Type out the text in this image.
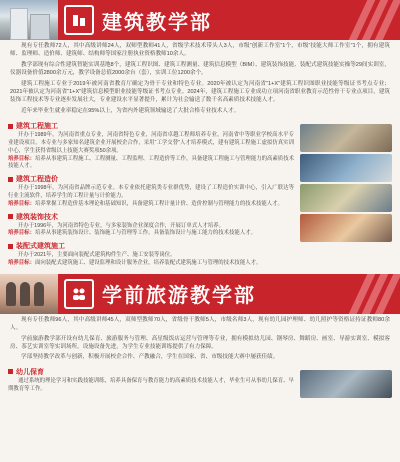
建筑教学部

现有专任教师72人，其中高级讲师24人，双师型教师41人，省级学术技术带头人3人，市级“创新工作室”1个，市级“技能大师工作室”1个，拥有建筑师、监理师、造价师、建筑师、结构师等国家注册执业资格教师10余人。

教学部现有综合性建筑智能实训基地8个，建筑工程识图、建筑工程测量、建筑信息模型（BIM）、建筑装饰技能、装配式建筑技能实操等29间实训室，仪器设备价值2800余万元，教学设备总值2000余台（套），实训工位1200余个。

建筑工程施工专业于2019年被河南省教育厅确定为骨干专业和特色专业。2020年被认定为河南省“1+X”建筑工程识图职业技能等级证书考点专业；2021年被认定为河南省“1+X”建筑信息模型职业技能等级证书考点专业。2024年，建筑工程施工专业成功立项河南省职业教育示范性骨干专业点项目，建筑装饰工程技术等专业逐步发展壮大，专业建设水平显著提升，累计为社会输送了数千名高素质技术技能人才。

近年来毕业生就业率稳定在95%以上，为省内外建筑领域输送了大批合格专业技术人才。

建筑工程施工
开办于1989年，为河南省重点专业，河南省特色专业，河南省卓越工程师培养专业，河南省中等职业学校高水平专业建设项目。本专业与多家知名建筑企业开展校企合作，采用“工学交替”人才培养模式，建有建筑工程施工虚拟仿真实训中心，学生获得省级以上技能大赛奖项50余项。
培养目标：培养从事建筑工程施工、工程测量、工程监理、工程造价等工作，具备建筑工程施工与管理能力的高素质技术技能人才。
建筑工程造价
开办于1998年，为河南省品牌示范专业。本专业依托建筑类专业群优势，建设了工程造价实训中心，引入广联达等行业主流软件，培养学生的工程计量与计价能力。
培养目标：培养掌握工程造价基本理论和基础知识，具备建筑工程计量计价、造价控制与管理能力的技术技能人才。
建筑装饰技术
开办于1996年，为河南省特色专业，与多家装饰企业深度合作，开展订单式人才培养。
培养目标：培养从事建筑装饰设计、装饰施工与管理等工作，具备装饰设计与施工能力的技术技能人才。
装配式建筑施工
开办于2021年，主要面向装配式建筑构件生产、施工安装等岗位。
培养目标：面向装配式建筑施工、建设监理和设计服务企业，培养装配式建筑施工与管理的技术技能人才。
学前旅游教学部

现有专任教师96人，其中高级讲师45人，双师型教师70人，省级骨干教师5人，市级名师3人，现有幼儿园护理师、幼儿照护等资格证持证教师80余人。

学前旅游教学部开设有幼儿保育、旅游服务与管理、高星级饭店运营与管理等专业，拥有模拟幼儿园、钢琴房、舞蹈房、画室、导游实训室、模拟客房、茶艺实训室等实训场所，设施设备先进，为学生专业技能训练提供了有力保障。

学部坚持教学改革与创新，积极开展校企合作、产教融合，学生在国家、省、市级技能大赛中屡获佳绩。

幼儿保育
通过系统的理论学习和实践技能训练，培养具备保育与教育能力的高素质技术技能人才，毕业生可从事幼儿保育、早期教育等工作。
